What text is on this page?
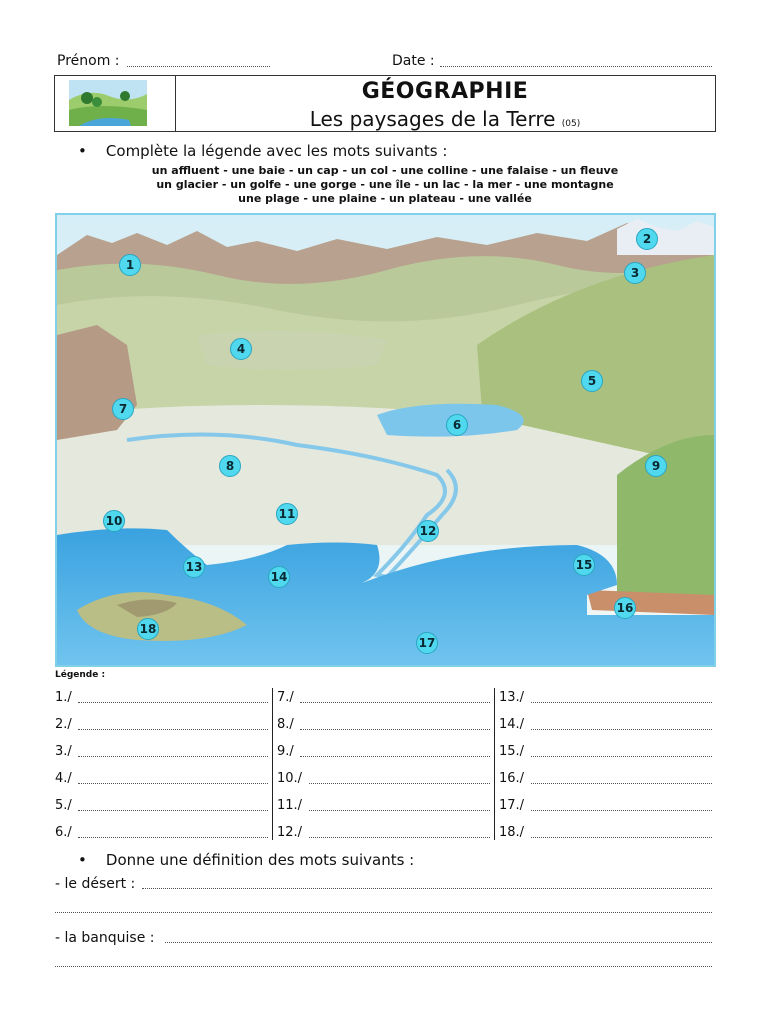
Prénom :	Date :
GÉOGRAPHIE
Les paysages de la Terre (05)
•    Complète la légende avec les mots suivants :
un affluent - une baie - un cap - un col - une colline - une falaise - un fleuve
un glacier - un golfe - une gorge - une île - un lac - la mer - une montagne
une plage - une plaine - un plateau - une vallée
1
2
3
4
5
6
7
8	9
10	11
12
13
14
15
16
17
18
Légende :
1./
2./
3./
4./
5./
6./
7./
8./
9./
10./
11./
12./
13./
14./
15./
16./
17./
18./
•    Donne une définition des mots suivants :
- le désert :
- la banquise :
